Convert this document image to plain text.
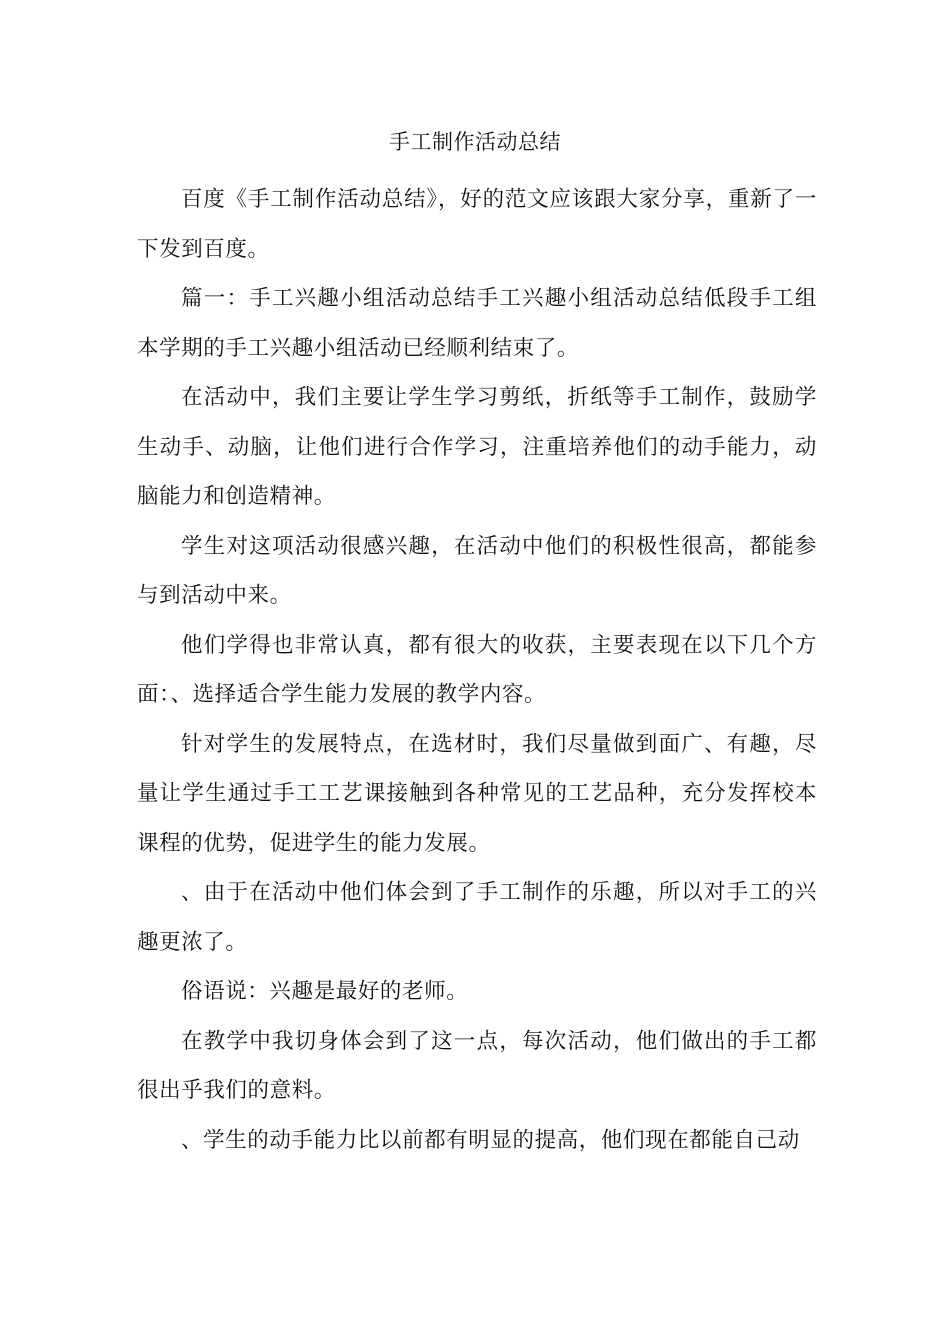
手工制作活动总结

百度《手工制作活动总结》，好的范文应该跟大家分享，重新了一下发到百度。

篇一：手工兴趣小组活动总结手工兴趣小组活动总结低段手工组本学期的手工兴趣小组活动已经顺利结束了。

在活动中，我们主要让学生学习剪纸，折纸等手工制作，鼓励学生动手、动脑，让他们进行合作学习，注重培养他们的动手能力，动脑能力和创造精神。

学生对这项活动很感兴趣，在活动中他们的积极性很高，都能参与到活动中来。

他们学得也非常认真，都有很大的收获，主要表现在以下几个方面：、选择适合学生能力发展的教学内容。

针对学生的发展特点，在选材时，我们尽量做到面广、有趣，尽量让学生通过手工工艺课接触到各种常见的工艺品种，充分发挥校本课程的优势，促进学生的能力发展。

、由于在活动中他们体会到了手工制作的乐趣，所以对手工的兴趣更浓了。

俗语说：兴趣是最好的老师。

在教学中我切身体会到了这一点，每次活动，他们做出的手工都很出乎我们的意料。

、学生的动手能力比以前都有明显的提高，他们现在都能自己动
